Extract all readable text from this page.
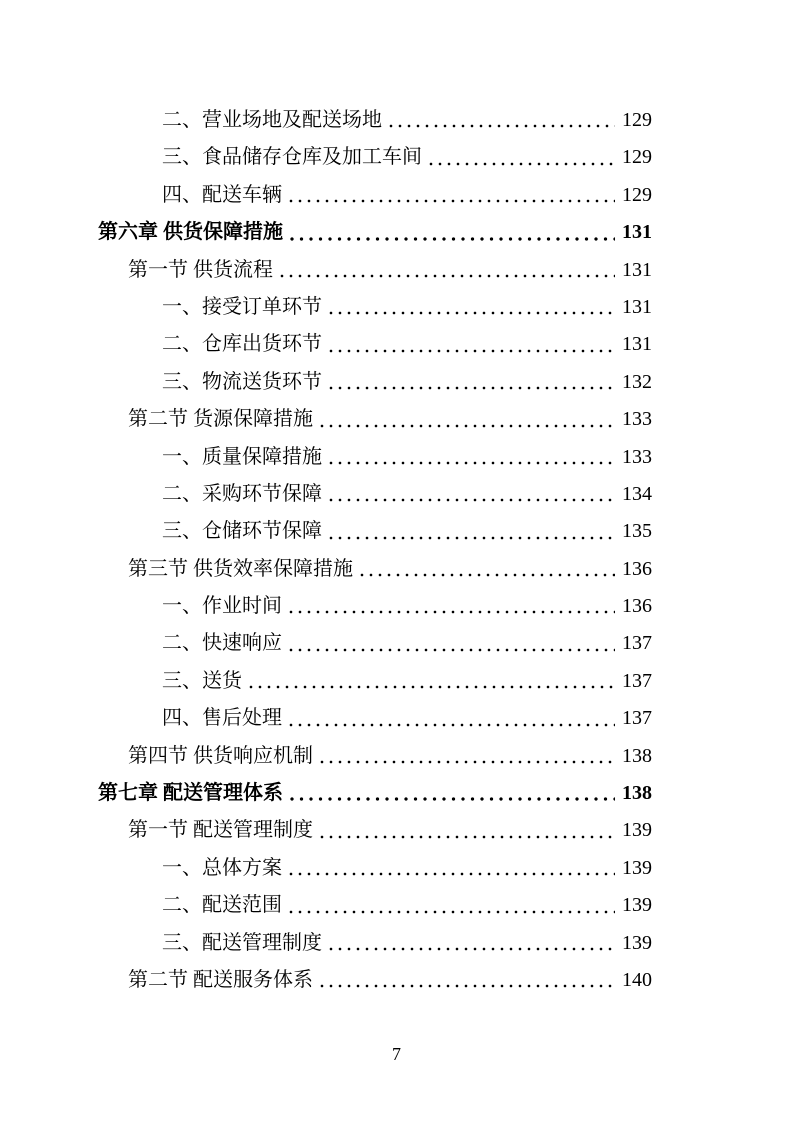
二、营业场地及配送场地	129
三、食品储存仓库及加工车间	129
四、配送车辆	129
第六章 供货保障措施	131
第一节 供货流程	131
一、接受订单环节	131
二、仓库出货环节	131
三、物流送货环节	132
第二节 货源保障措施	133
一、质量保障措施	133
二、采购环节保障	134
三、仓储环节保障	135
第三节 供货效率保障措施	136
一、作业时间	136
二、快速响应	137
三、送货	137
四、售后处理	137
第四节 供货响应机制	138
第七章 配送管理体系	138
第一节 配送管理制度	139
一、总体方案	139
二、配送范围	139
三、配送管理制度	139
第二节 配送服务体系	140
7
